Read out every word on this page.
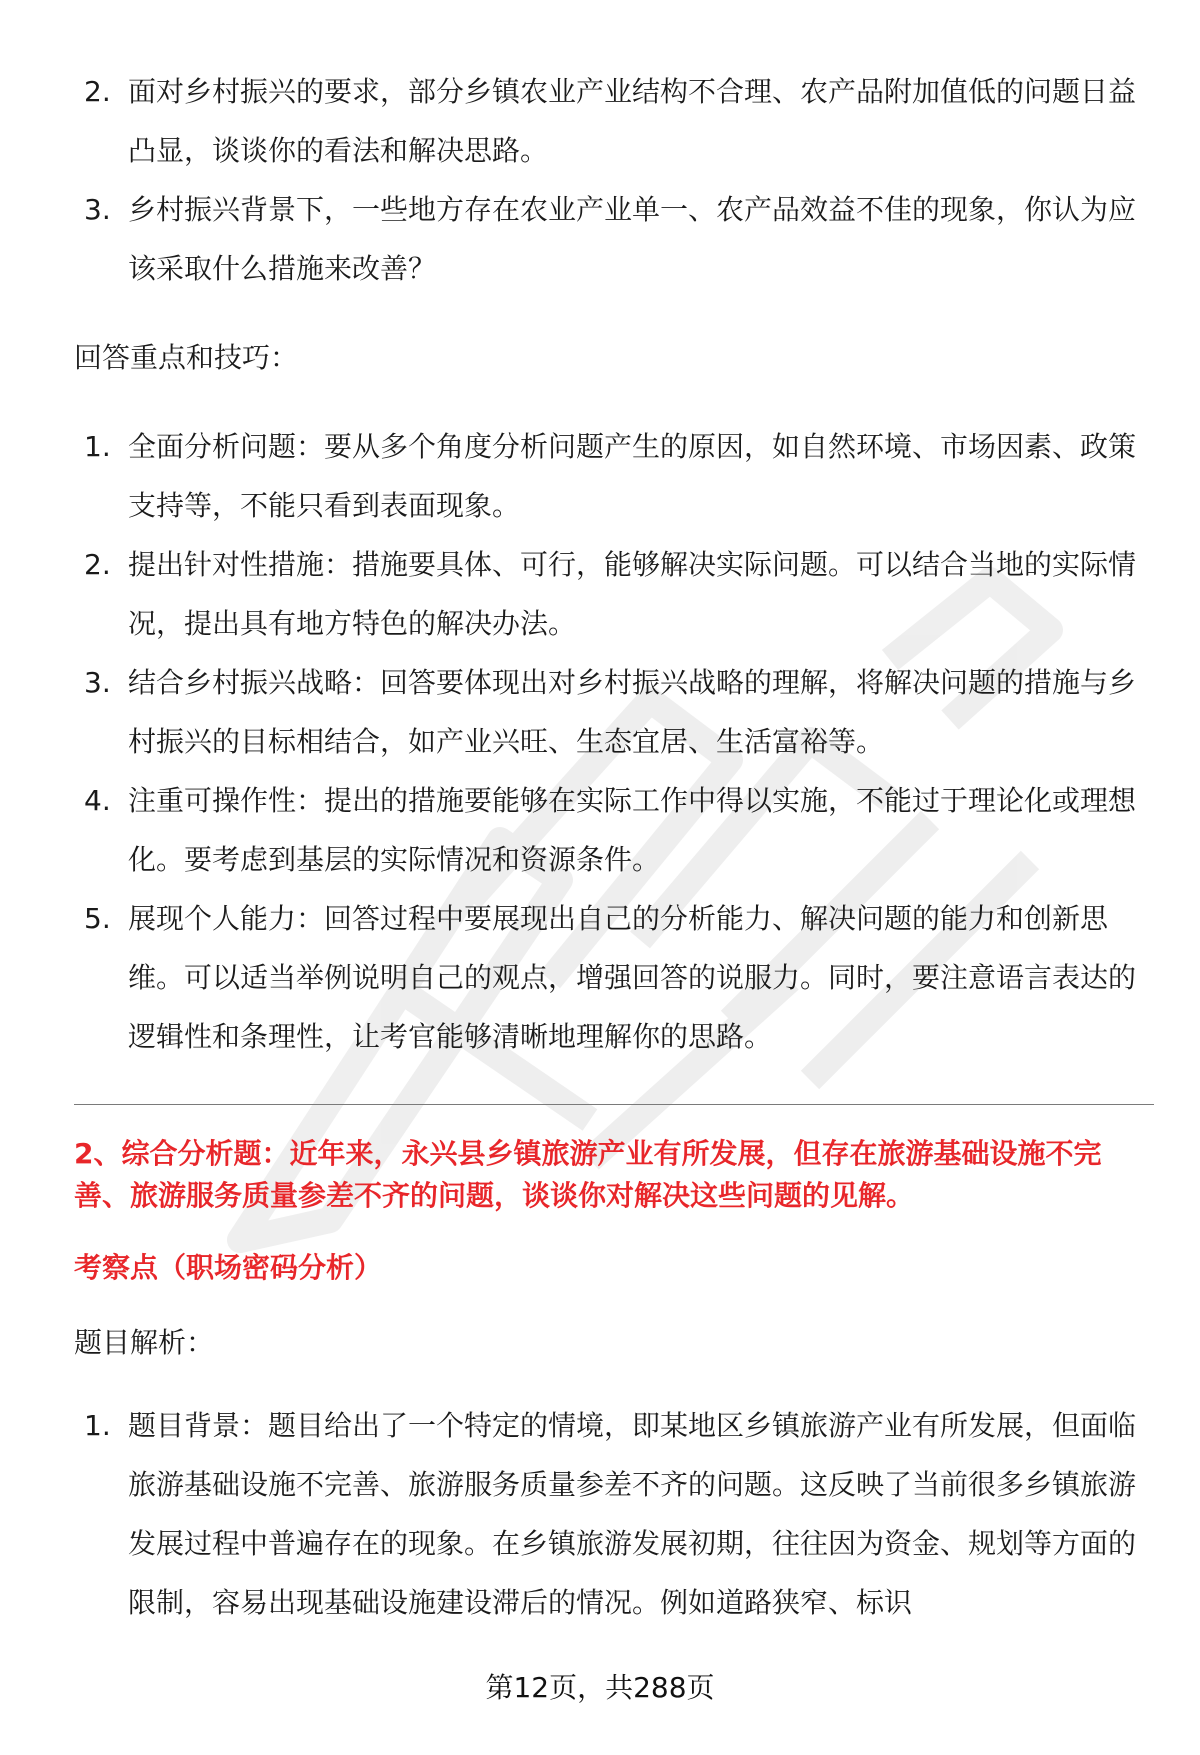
2. 面对乡村振兴的要求，部分乡镇农业产业结构不合理、农产品附加值低的问题日益凸显，谈谈你的看法和解决思路。
3. 乡村振兴背景下，一些地方存在农业产业单一、农产品效益不佳的现象，你认为应该采取什么措施来改善？
回答重点和技巧：
1. 全面分析问题：要从多个角度分析问题产生的原因，如自然环境、市场因素、政策支持等，不能只看到表面现象。
2. 提出针对性措施：措施要具体、可行，能够解决实际问题。可以结合当地的实际情况，提出具有地方特色的解决办法。
3. 结合乡村振兴战略：回答要体现出对乡村振兴战略的理解，将解决问题的措施与乡村振兴的目标相结合，如产业兴旺、生态宜居、生活富裕等。
4. 注重可操作性：提出的措施要能够在实际工作中得以实施，不能过于理论化或理想化。要考虑到基层的实际情况和资源条件。
5. 展现个人能力：回答过程中要展现出自己的分析能力、解决问题的能力和创新思维。可以适当举例说明自己的观点，增强回答的说服力。同时，要注意语言表达的逻辑性和条理性，让考官能够清晰地理解你的思路。
2、综合分析题：近年来，永兴县乡镇旅游产业有所发展，但存在旅游基础设施不完善、旅游服务质量参差不齐的问题，谈谈你对解决这些问题的见解。
考察点（职场密码分析）
题目解析：
1. 题目背景：题目给出了一个特定的情境，即某地区乡镇旅游产业有所发展，但面临旅游基础设施不完善、旅游服务质量参差不齐的问题。这反映了当前很多乡镇旅游发展过程中普遍存在的现象。在乡镇旅游发展初期，往往因为资金、规划等方面的限制，容易出现基础设施建设滞后的情况。例如道路狭窄、标识
第12页，共288页
